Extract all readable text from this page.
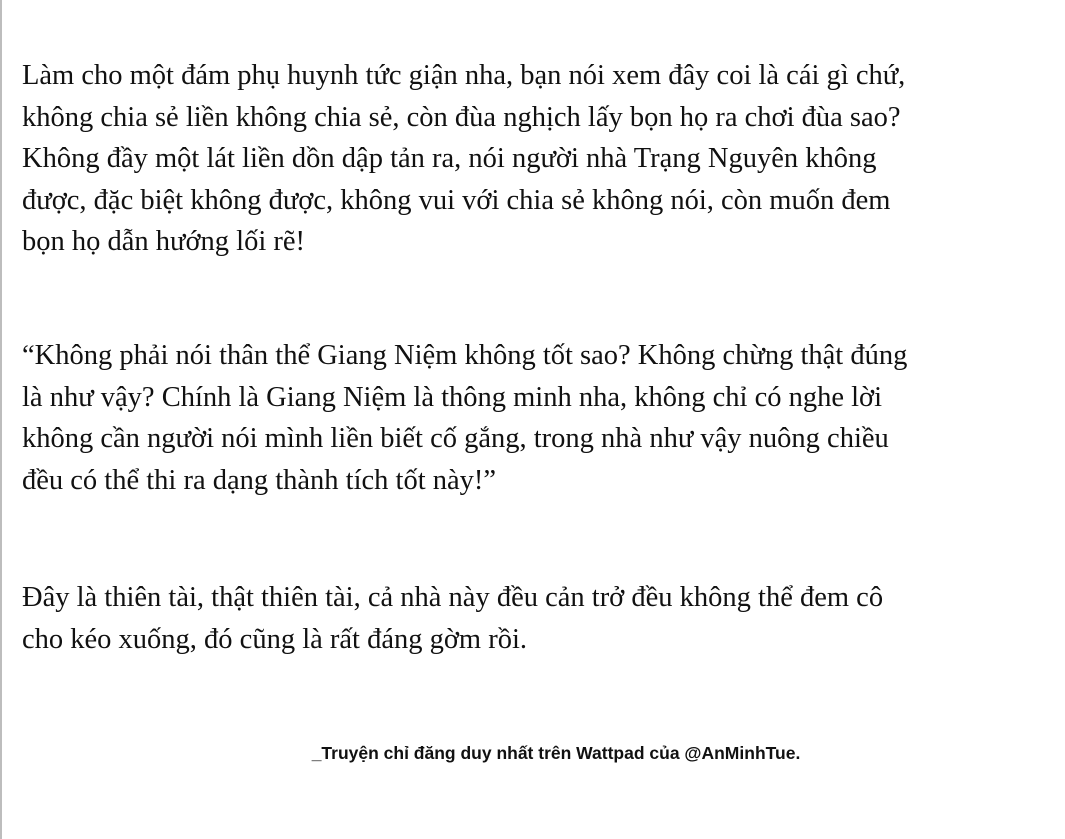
Làm cho một đám phụ huynh tức giận nha, bạn nói xem đây coi là cái gì chứ,
không chia sẻ liền không chia sẻ, còn đùa nghịch lấy bọn họ ra chơi đùa sao?
Không đầy một lát liền dồn dập tản ra, nói người nhà Trạng Nguyên không
được, đặc biệt không được, không vui với chia sẻ không nói, còn muốn đem
bọn họ dẫn hướng lối rẽ!

“Không phải nói thân thể Giang Niệm không tốt sao? Không chừng thật đúng
là như vậy? Chính là Giang Niệm là thông minh nha, không chỉ có nghe lời
không cần người nói mình liền biết cố gắng, trong nhà như vậy nuông chiều
đều có thể thi ra dạng thành tích tốt này!”

Đây là thiên tài, thật thiên tài, cả nhà này đều cản trở đều không thể đem cô
cho kéo xuống, đó cũng là rất đáng gờm rồi.

_Truyện chỉ đăng duy nhất trên Wattpad của @AnMinhTue.
